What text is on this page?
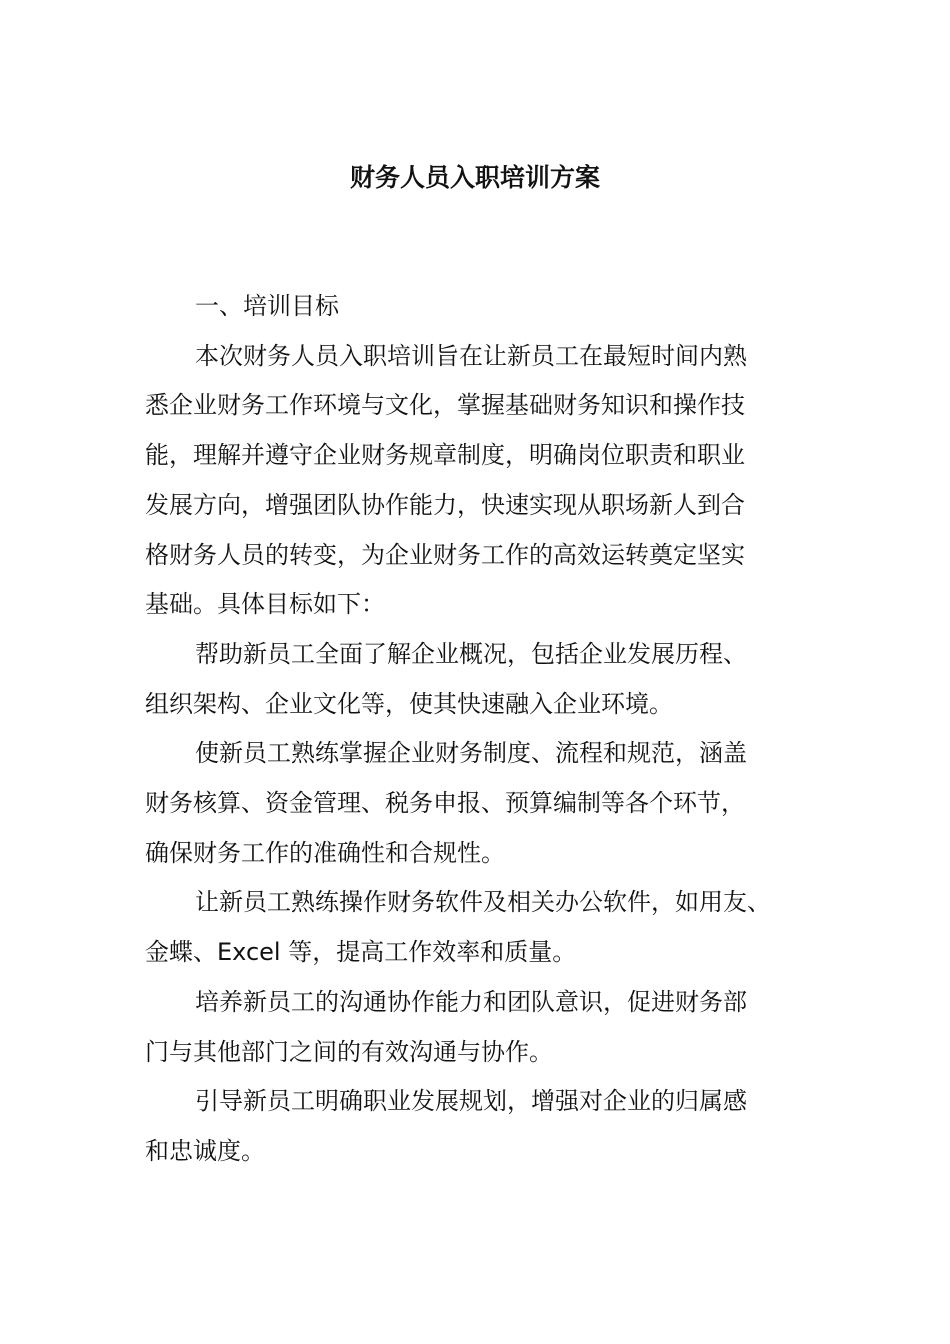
财务人员入职培训方案
一、培训目标
本次财务人员入职培训旨在让新员工在最短时间内熟
悉企业财务工作环境与文化，掌握基础财务知识和操作技
能，理解并遵守企业财务规章制度，明确岗位职责和职业
发展方向，增强团队协作能力，快速实现从职场新人到合
格财务人员的转变，为企业财务工作的高效运转奠定坚实
基础。具体目标如下：
帮助新员工全面了解企业概况，包括企业发展历程、
组织架构、企业文化等，使其快速融入企业环境。
使新员工熟练掌握企业财务制度、流程和规范，涵盖
财务核算、资金管理、税务申报、预算编制等各个环节，
确保财务工作的准确性和合规性。
让新员工熟练操作财务软件及相关办公软件，如用友、
金蝶、Excel 等，提高工作效率和质量。
培养新员工的沟通协作能力和团队意识，促进财务部
门与其他部门之间的有效沟通与协作。
引导新员工明确职业发展规划，增强对企业的归属感
和忠诚度。
